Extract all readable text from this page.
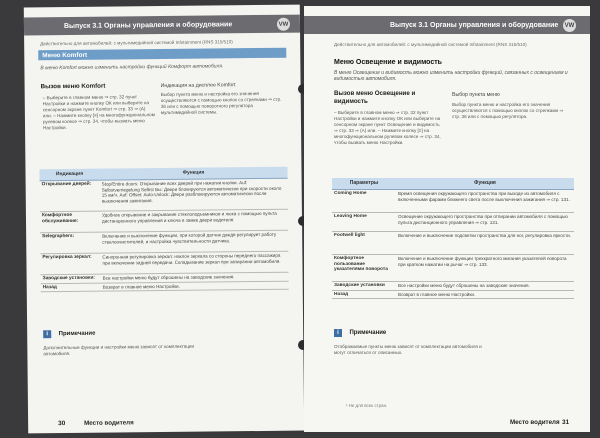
Выпуск 3.1 Органы управления и оборудование	VW
Действительно для автомобилей: с мультимедийной системой Infotainment (RNS 315/510)
Меню Komfort
В меню Komfort можно изменить настройки функций Комфорт автомобиля.
Вызов меню Komfort	Индикация на дисплее Komfort
– Выберите в главном меню ⇒ стр. 32 пункт Настройки и нажмите кнопку ОК или выберите на сенсорном экране пункт Komfort ⇒ стр. 33 ⇒ (A) или. – Нажмите кнопку [≡] на многофункциональном рулевом колесе ⇒ стр. 34, чтобы вызвать меню Настройки.
Выбор пункта меню и настройка его значения осуществляются с помощью кнопок со стрелками ⇒ стр. 36 или с помощью поворотного регулятора мультимедийной системы.
Индикация	Функция
Открывание дверей:	Stop/Entire doors: Открывание всех дверей при нажатии кнопки. Auf: Selbstverriegelung Selbst Вы: Двери блокируются автоматически при скорости около 15 км/ч. Auf: Offset: Auto-Unlock: Двери разблокируются автоматически после выключения зажигания.
Комфортное обслуживание:	Удобное открывание и закрывание стеклоподъемников и люка с помощью пульта дистанционного управления и ключа в замке двери водителя.
Selegraphers:	Включение и выключение функции, при которой датчик дождя регулирует работу стеклоочистителей, и настройка чувствительности датчика.
Регулировка зеркал:	Синхронная регулировка зеркал: наклон зеркала со стороны переднего пассажира при включении задней передачи. Складывание зеркал при запирании автомобиля.
Заводские установки:	Все настройки меню будут сброшены на заводские значения.
Назад	Возврат в главное меню Настройки.
i Примечание
Дополнительные функции и настройки меню зависят от комплектации автомобиля.
30	Место водителя
Выпуск 3.1 Органы управления и оборудование VW
Действительно для автомобилей: с мультимедийной системой Infotainment (RNS 315/510)
Меню Освещение и видимость
В меню Освещение и видимость можно изменить настройки функций, связанных с освещением и видимостью автомобиля.
Вызов меню Освещение и видимость
Выбор пункта меню
– Выберите в главном меню ⇒ стр. 32 пункт Настройки и нажмите кнопку ОК или выберите на сенсорном экране пункт Освещение и видимость ⇒ стр. 33 ⇒ (A) или. – Нажмите кнопку [≡] на многофункциональном рулевом колесе ⇒ стр. 34, чтобы вызвать меню Настройки.
Выбор пункта меню и настройка его значения осуществляются с помощью кнопок со стрелками ⇒ стр. 36 или с помощью регулятора.
Параметры	Функция
Coming Home	Время освещения окружающего пространства при выходе из автомобиля с включенными фарами ближнего света после выключения зажигания ⇒ стр. 131.
Leaving Home	Освещение окружающего пространства при отпирании автомобиля с помощью пульта дистанционного управления ⇒ стр. 131.
Footwell light	Включение и выключение подсветки пространства для ног, регулировка яркости.
Комфортное пользование указателями поворота	Включение и выключение функции трехкратного мигания указателей поворота при кратком нажатии на рычаг ⇒ стр. 133.
Заводские установки	Все настройки меню будут сброшены на заводские значения.
Назад	Возврат в главное меню Настройки.
i Примечание
Отображаемые пункты меню зависят от комплектации автомобиля и могут отличаться от описанных.
¹ Не для всех стран.
Место водителя 31
